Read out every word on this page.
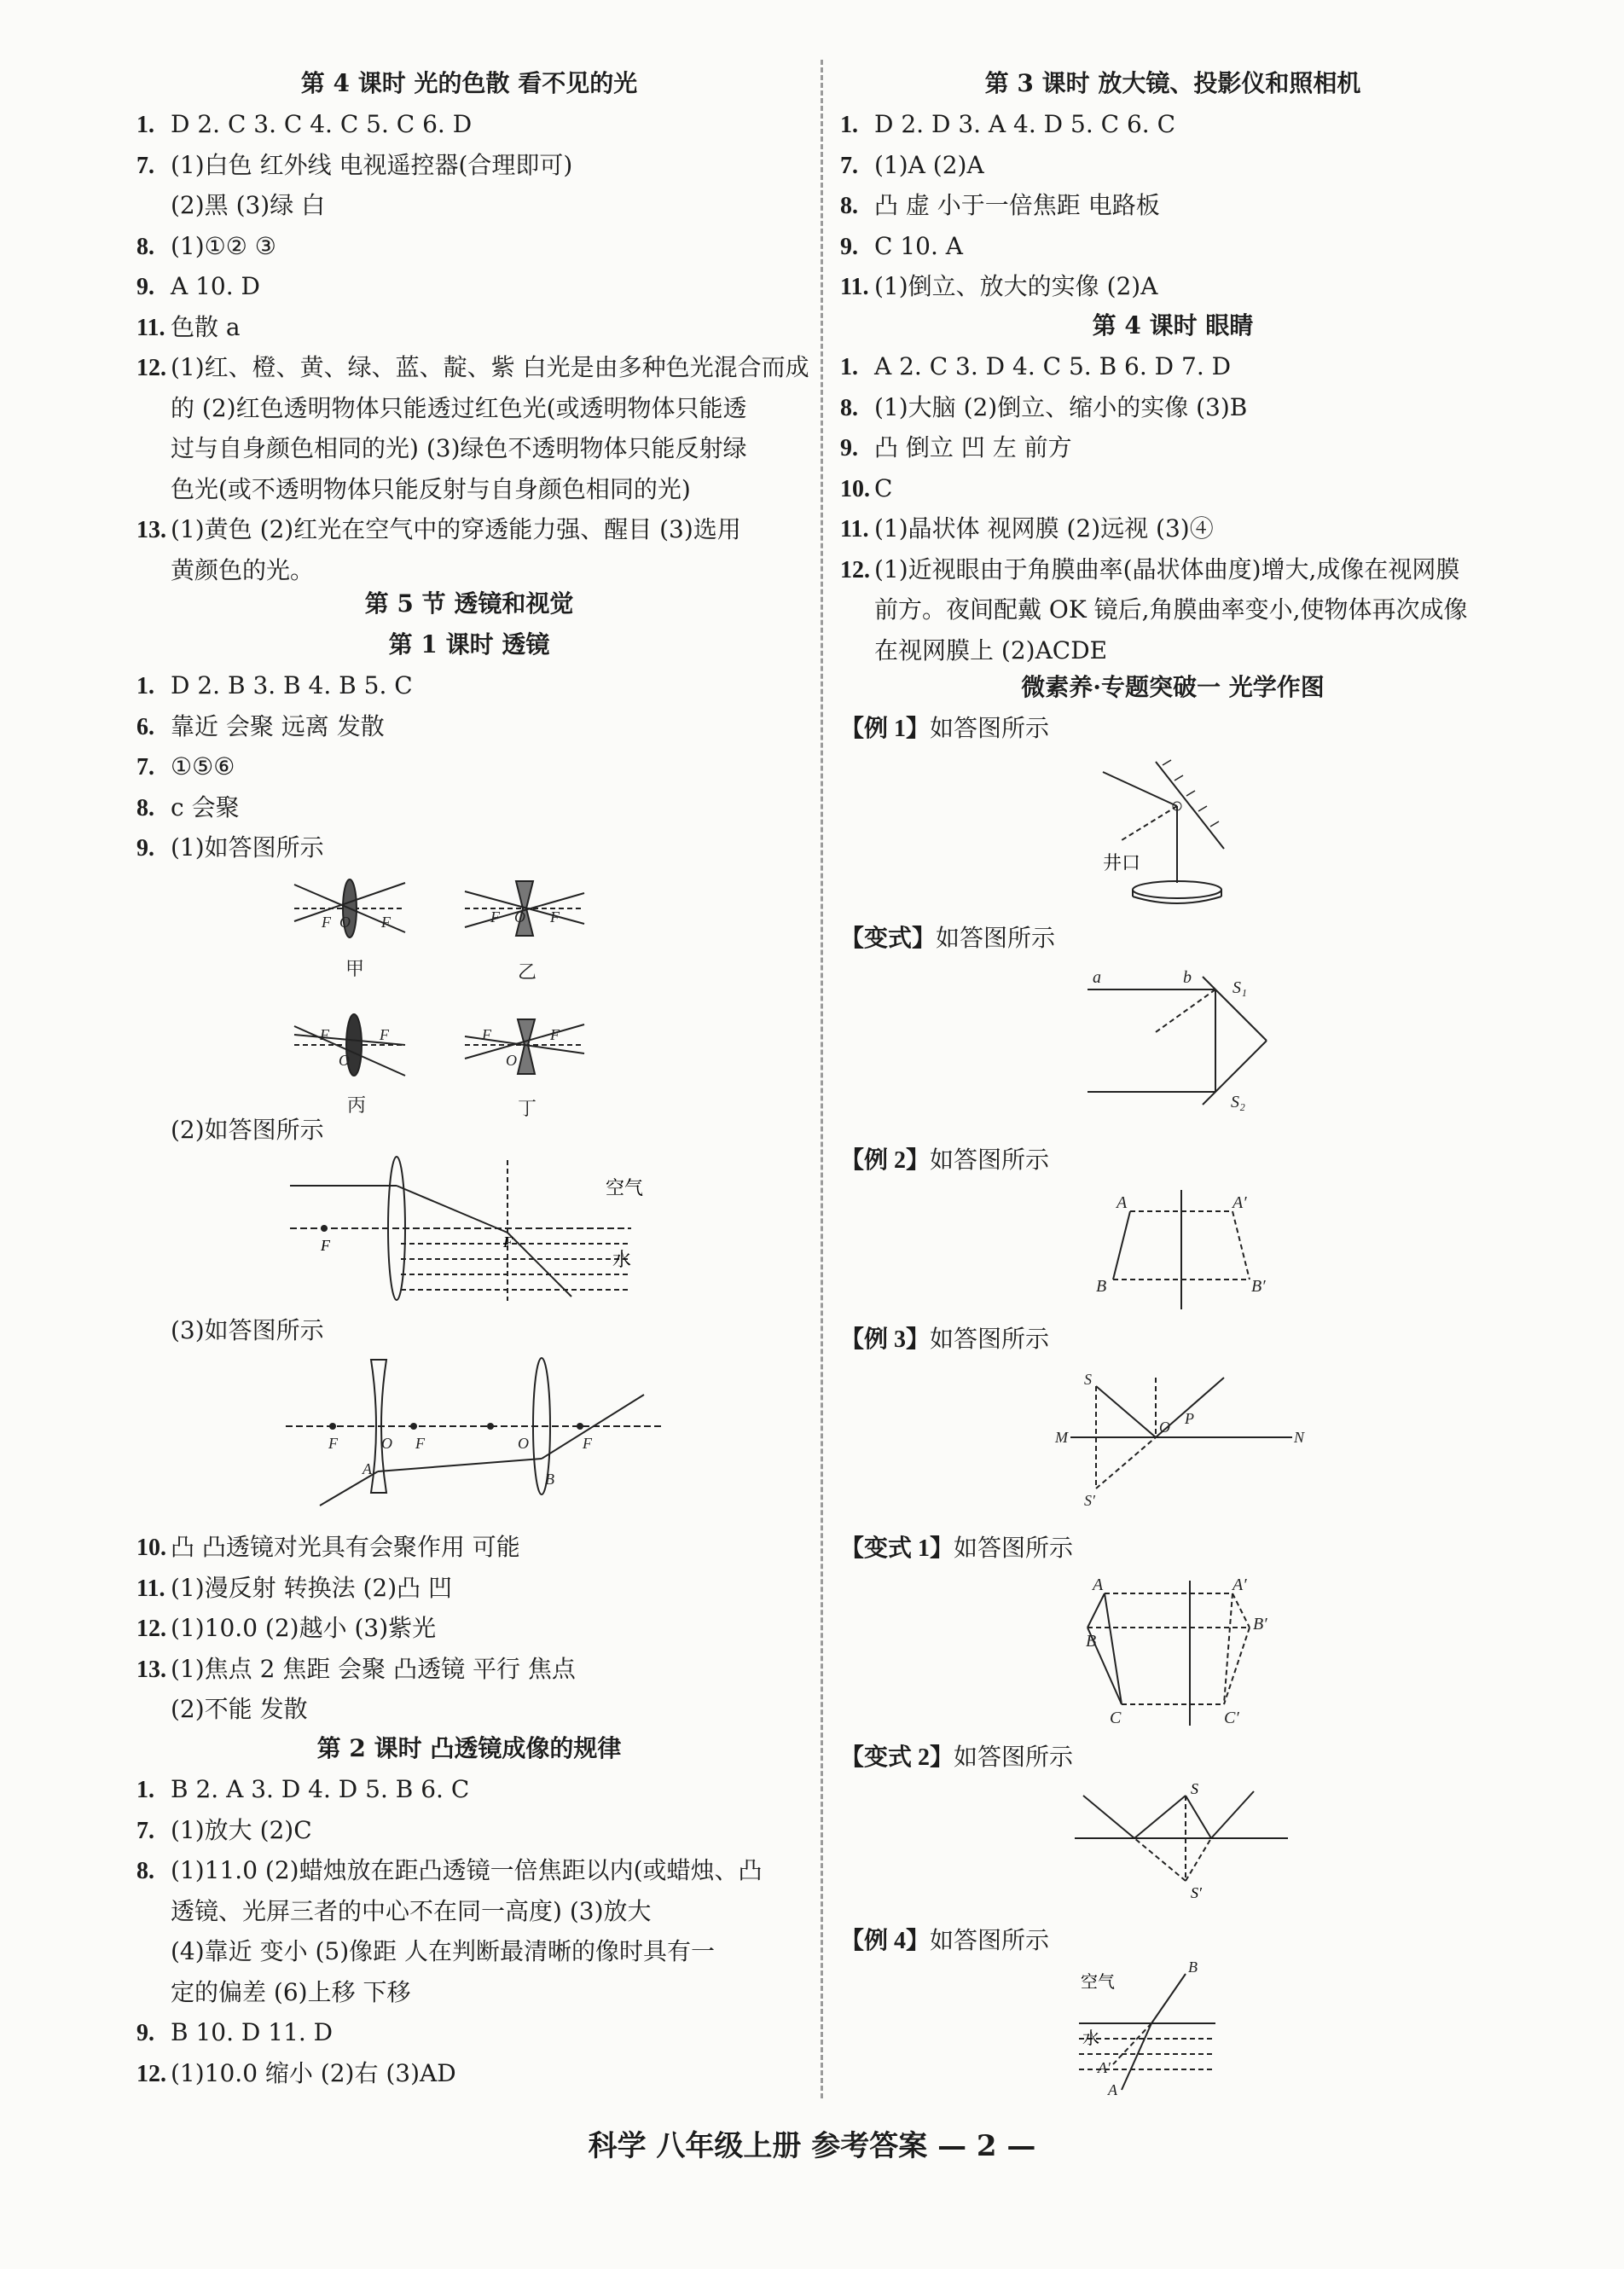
第 4 课时 光的色散 看不见的光
1. D 2. C 3. C 4. C 5. C 6. D
7. (1)白色 红外线 电视遥控器(合理即可)
(2)黑 (3)绿 白
8. (1)①② ③
9. A 10. D
11. 色散 a
12. (1)红、橙、黄、绿、蓝、靛、紫 白光是由多种色光混合而成
的 (2)红色透明物体只能透过红色光(或透明物体只能透
过与自身颜色相同的光) (3)绿色不透明物体只能反射绿
色光(或不透明物体只能反射与自身颜色相同的光)
13. (1)黄色 (2)红光在空气中的穿透能力强、醒目 (3)选用
黄颜色的光。
第 5 节 透镜和视觉
第 1 课时 透镜
1. D 2. B 3. B 4. B 5. C
6. 靠近 会聚 远离 发散
7. ①⑤⑥
8. c 会聚
9. (1)如答图所示
F O F	F O F
F
O
F	F
O
F
甲	乙
丙	丁
(2)如答图所示
F	F
空气
水
(3)如答图所示
F	O F	O	F
A
B
10. 凸 凸透镜对光具有会聚作用 可能
11. (1)漫反射 转换法 (2)凸 凹
12. (1)10.0 (2)越小 (3)紫光
13. (1)焦点 2 焦距 会聚 凸透镜 平行 焦点
(2)不能 发散
第 2 课时 凸透镜成像的规律
1. B 2. A 3. D 4. D 5. B 6. C
7. (1)放大 (2)C
8. (1)11.0 (2)蜡烛放在距凸透镜一倍焦距以内(或蜡烛、凸
透镜、光屏三者的中心不在同一高度) (3)放大
(4)靠近 变小 (5)像距 人在判断最清晰的像时具有一
定的偏差 (6)上移 下移
9. B 10. D 11. D
12. (1)10.0 缩小 (2)右 (3)AD
第 3 课时 放大镜、投影仪和照相机
1. D 2. D 3. A 4. D 5. C 6. C
7. (1)A (2)A
8. 凸 虚 小于一倍焦距 电路板
9. C 10. A
11. (1)倒立、放大的实像 (2)A
第 4 课时 眼睛
1. A 2. C 3. D 4. C 5. B 6. D 7. D
8. (1)大脑 (2)倒立、缩小的实像 (3)B
9. 凸 倒立 凹 左 前方
10. C
11. (1)晶状体 视网膜 (2)远视 (3)④
12. (1)近视眼由于角膜曲率(晶状体曲度)增大,成像在视网膜
前方。夜间配戴 OK 镜后,角膜曲率变小,使物体再次成像
在视网膜上 (2)ACDE
微素养·专题突破一 光学作图
【例 1】如答图所示
【变式】如答图所示
【例 2】如答图所示
【例 3】如答图所示
【变式 1】如答图所示
【变式 2】如答图所示
【例 4】如答图所示
井口
a	b
S₁
S₂
A	A′
B	B′
S
M
O P
N
S′
A	A′
B
B′
C	C′
S
S′
B
A′
A
空气
水
科学 八年级上册 参考答案 — 2 —
